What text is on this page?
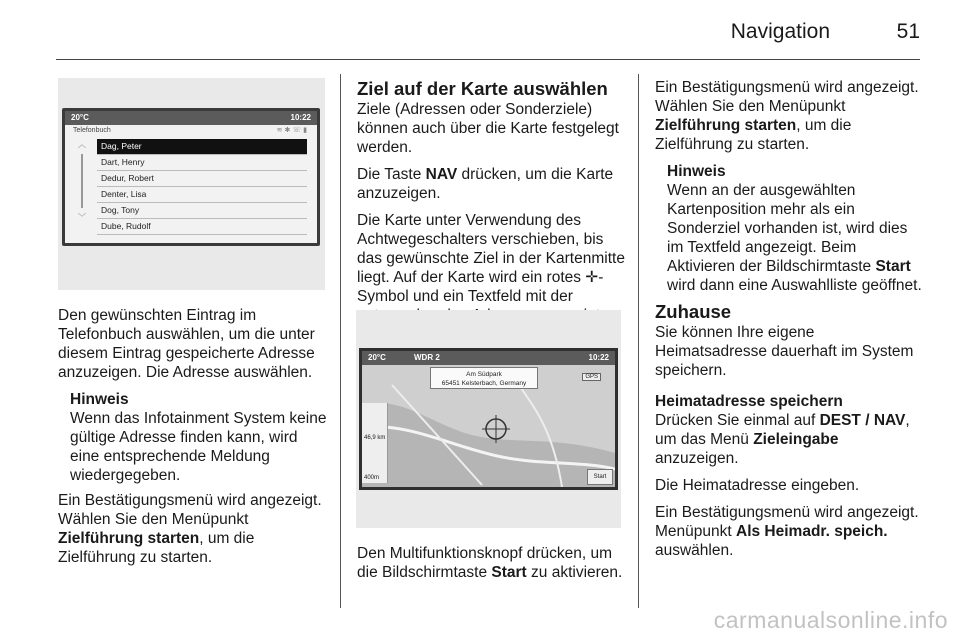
Navigation	51
20°C	10:22
Telefonbuch	≋✱☏▮
︿
﹀
Dag, Peter
Dart, Henry
Dedur, Robert
Denter, Lisa
Dog, Tony
Dube, Rudolf

Den gewünschten Eintrag im Telefonbuch auswählen, um die unter diesem Eintrag gespeicherte Adresse anzuzeigen. Die Adresse auswählen.

Hinweis
Wenn das Infotainment System keine gültige Adresse finden kann, wird eine entsprechende Meldung wiedergegeben.

Ein Bestätigungsmenü wird angezeigt. Wählen Sie den Menüpunkt Zielführung starten, um die Zielführung zu starten.

Ziel auf der Karte auswählen

Ziele (Adressen oder Sonderziele) können auch über die Karte festgelegt werden.

Die Taste NAV drücken, um die Karte anzuzeigen.

Die Karte unter Verwendung des Achtwegeschalters verschieben, bis das gewünschte Ziel in der Kartenmitte liegt. Auf der Karte wird ein rotes ✛-Symbol und ein Textfeld mit der

20°C	WDR 2	10:22
Am Südpark
65451 Kelsterbach, Germany
GPS
46,9 km
400m	Start

Den Multifunktionsknopf drücken, um die Bildschirmtaste Start zu aktivieren.

Ein Bestätigungsmenü wird angezeigt. Wählen Sie den Menüpunkt Zielführung starten, um die Zielführung zu starten.

Hinweis
Wenn an der ausgewählten Kartenposition mehr als ein Sonderziel vorhanden ist, wird dies im Textfeld angezeigt. Beim Aktivieren der Bildschirmtaste Start wird dann eine Auswahlliste geöffnet.
Zuhause

Sie können Ihre eigene Heimatsadresse dauerhaft im System speichern.

Heimatadresse speichern

Drücken Sie einmal auf DEST / NAV, um das Menü Zieleingabe anzuzeigen.

Die Heimatadresse eingeben.

Ein Bestätigungsmenü wird angezeigt. Menüpunkt Als Heimadr. speich. auswählen.

carmanualsonline.info
